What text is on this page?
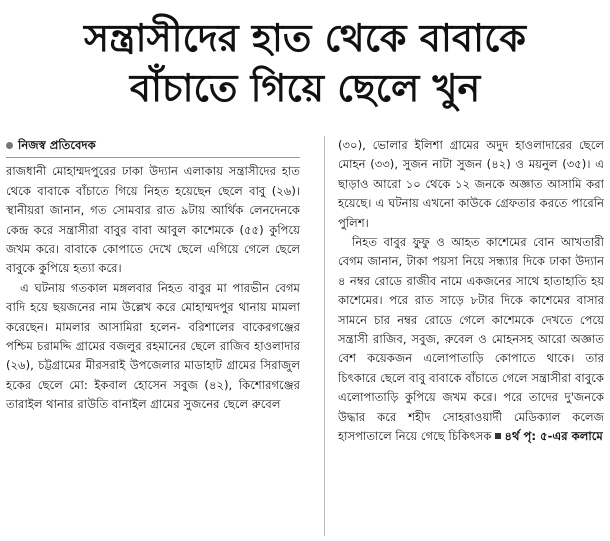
সন্ত্রাসীদের হাত থেকে বাবাকে
বাঁচাতে গিয়ে ছেলে খুন

নিজস্ব প্রতিবেদক

রাজধানী মোহাম্মদপুরের ঢাকা উদ্যান এলাকায় সন্ত্রাসীদের হাত থেকে বাবাকে বাঁচাতে গিয়ে নিহত হয়েছেন ছেলে বাবু (২৬)। স্থানীয়রা জানান, গত সোমবার রাত ৯টায় আর্থিক লেনদেনকে কেন্দ্র করে সন্ত্রাসীরা বাবুর বাবা আবুল কাশেমকে (৫৫) কুপিয়ে জখম করে। বাবাকে কোপাতে দেখে ছেলে এগিয়ে গেলে ছেলে বাবুকে কুপিয়ে হত্যা করে।

এ ঘটনায় গতকাল মঙ্গলবার নিহত বাবুর মা পারভীন বেগম বাদি হয়ে ছয়জনের নাম উল্লেখ করে মোহাম্মদপুর থানায় মামলা করেছেন। মামলার আসামিরা হলেন- বরিশালের বাকেরগঞ্জের পশ্চিম চরামদ্দি গ্রামের বজলুর রহমানের ছেলে রাজিব হাওলাদার (২৬), চট্টগ্রামের মীরসরাই উপজেলার মাডাহাট গ্রামের সিরাজুল হকের ছেলে মো: ইকবাল হোসেন সবুজ (৪২), কিশোরগঞ্জের তারাইল থানার রাউতি বানাইল গ্রামের সুজনের ছেলে রুবেল

(৩০), ভোলার ইলিশা গ্রামের অদুদ হাওলাদারের ছেলে মোহন (৩৩), সুজন নাটা সুজন (৪২) ও ময়নুল (৩৫)। এ ছাড়াও আরো ১০ থেকে ১২ জনকে অজ্ঞাত আসামি করা হয়েছে। এ ঘটনায় এখনো কাউকে গ্রেফতার করতে পারেনি পুলিশ।

নিহত বাবুর ফুফু ও আহত কাশেমের বোন আখতারী বেগম জানান, টাকা পয়সা নিয়ে সন্ধ্যার দিকে ঢাকা উদ্যান ৪ নম্বর রোডে রাজীব নামে একজনের সাথে হাতাহাতি হয় কাশেমের। পরে রাত সাড়ে ৮টার দিকে কাশেমের বাসার সামনে চার নম্বর রোডে গেলে কাশেমকে দেখতে পেয়ে সন্ত্রাসী রাজিব, সবুজ, রুবেল ও মোহনসহ আরো অজ্ঞাত বেশ কয়েকজন এলোপাতাড়ি কোপাতে থাকে। তার চিৎকারে ছেলে বাবু বাবাকে বাঁচাতে গেলে সন্ত্রাসীরা বাবুকে এলোপাতাড়ি কুপিয়ে জখম করে। পরে তাদের দু'জনকে উদ্ধার করে শহীদ সোহরাওয়ার্দী মেডিক্যাল কলেজ হাসপাতালে নিয়ে গেছে চিকিৎসক ৪র্থ পৃ: ৫-এর কলামে
